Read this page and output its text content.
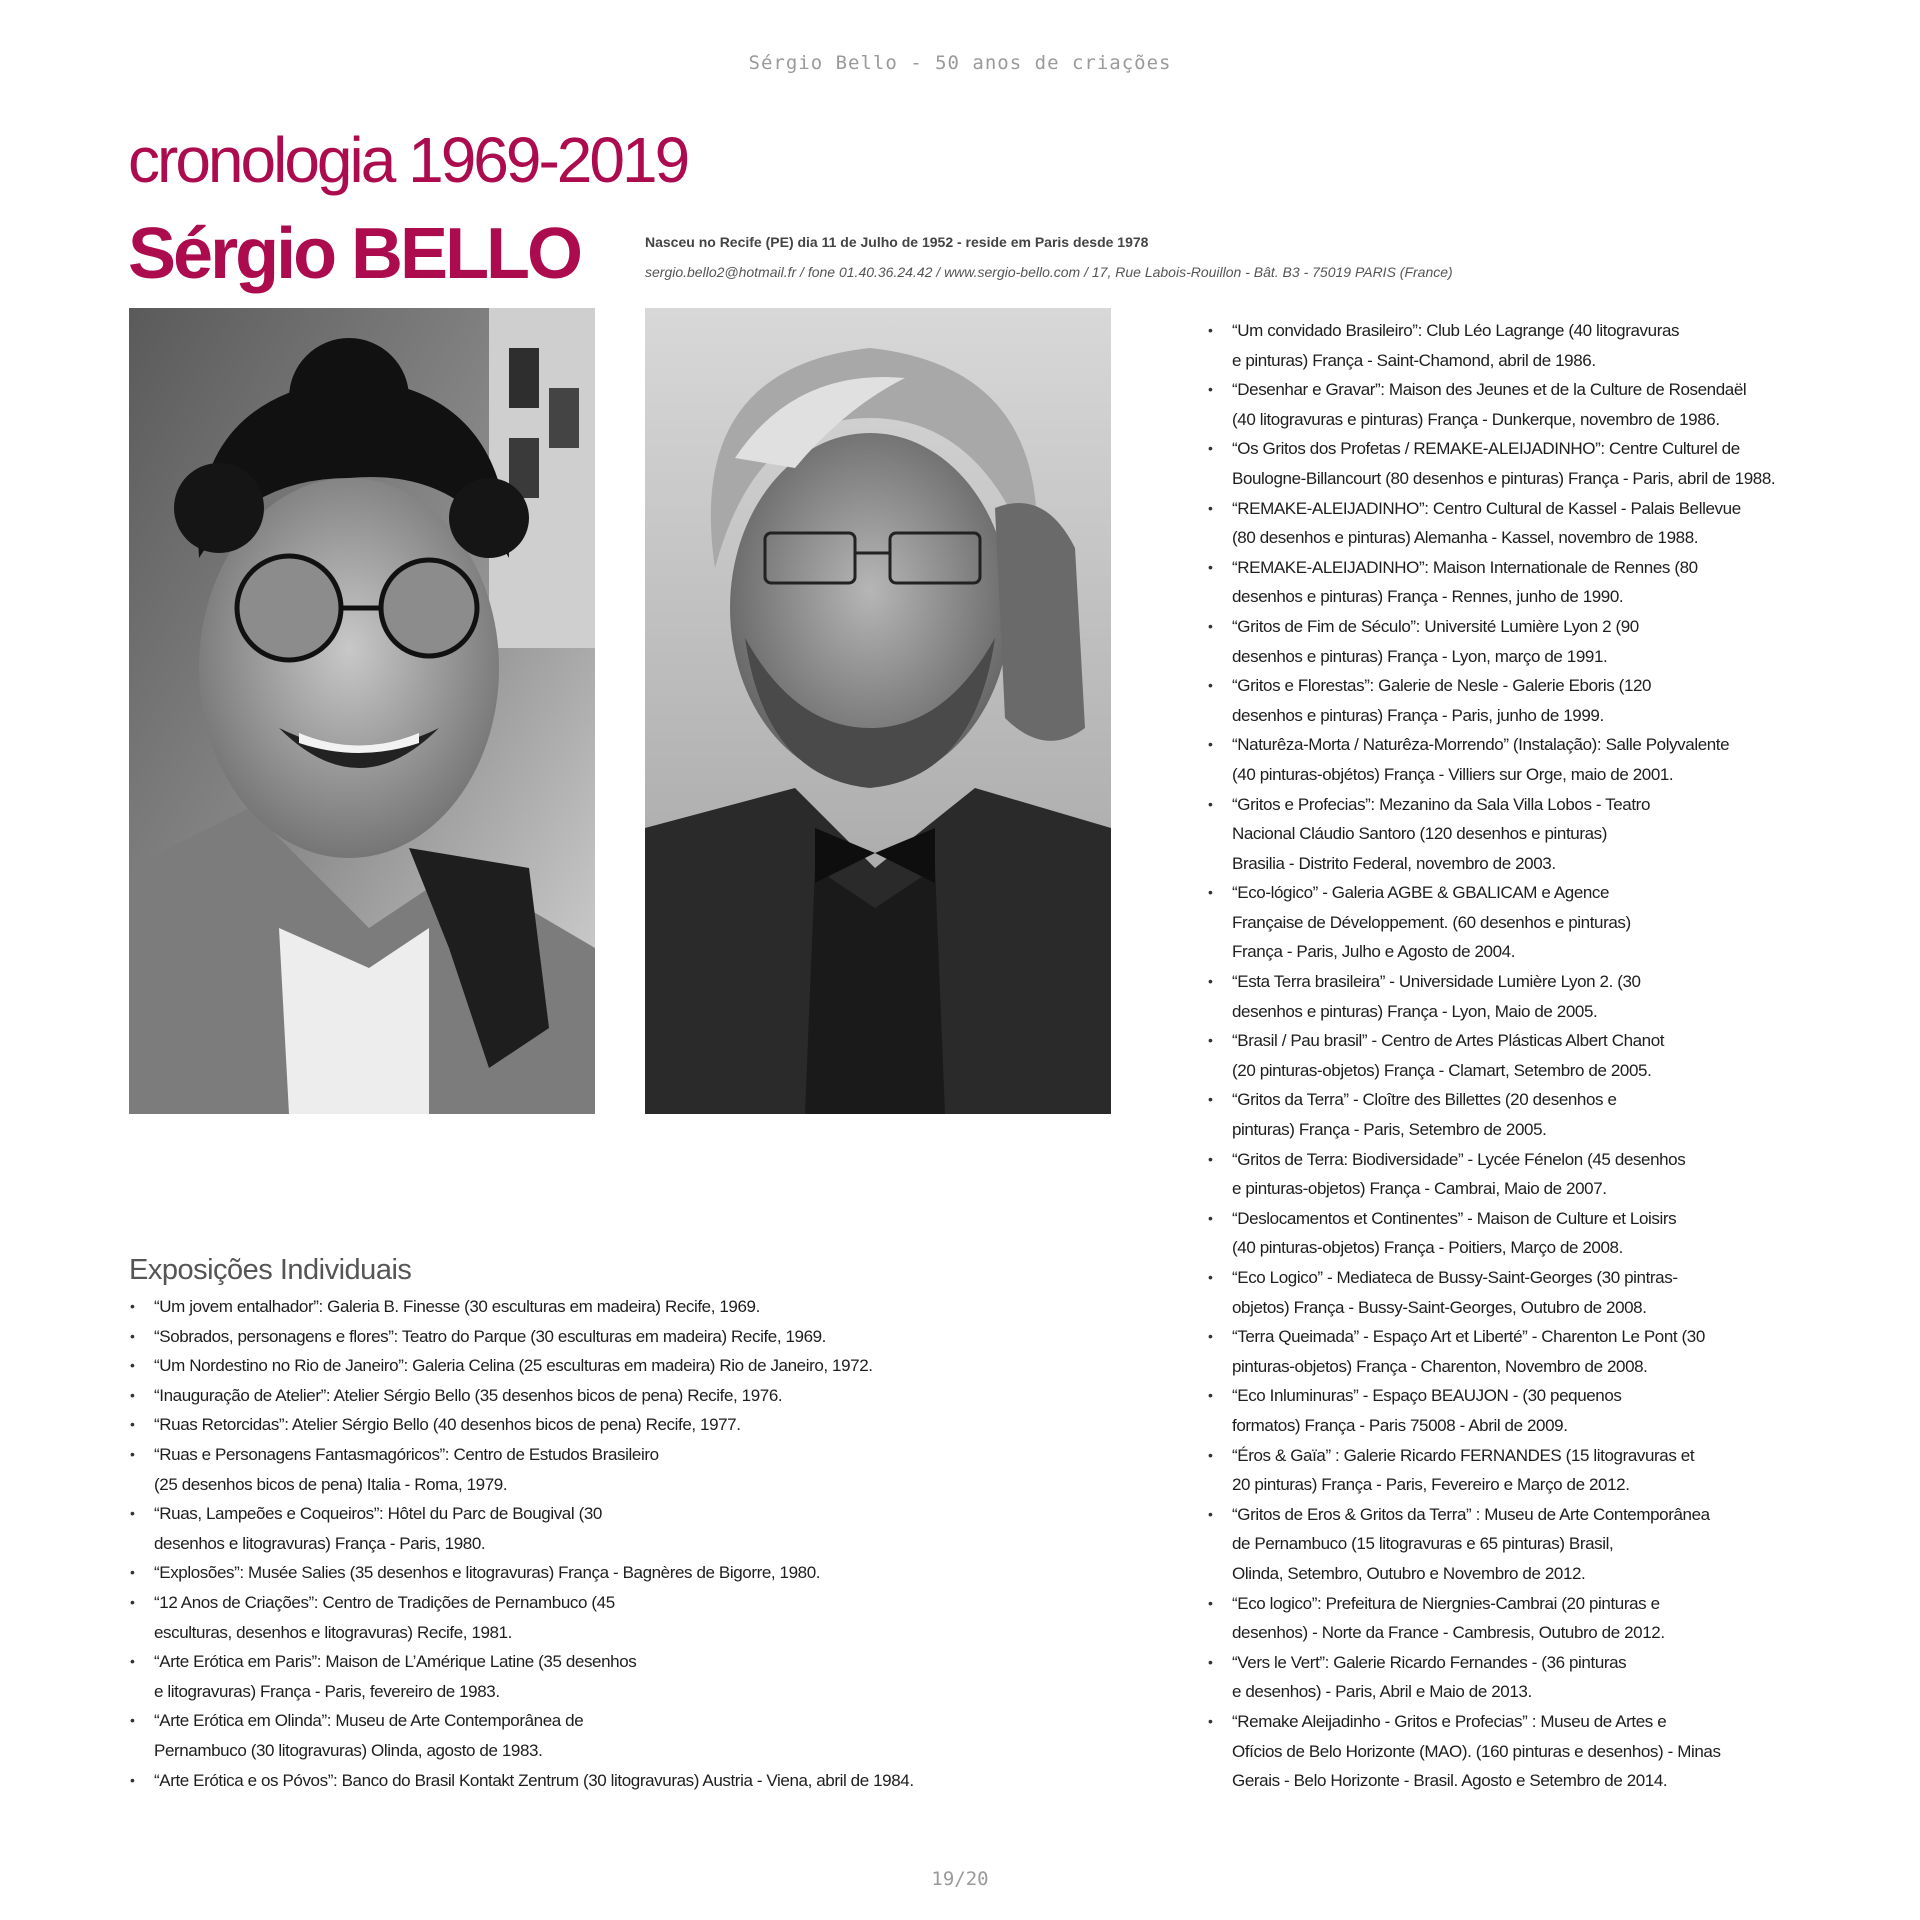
Sérgio Bello - 50 anos de criações
cronologia 1969-2019
Sérgio BELLO	Nasceu no Recife (PE) dia 11 de Julho de 1952 - reside em Paris desde 1978
sergio.bello2@hotmail.fr / fone 01.40.36.24.42 / www.sergio-bello.com / 17, Rue Labois-Rouillon - Bât. B3 - 75019 PARIS (France)
• “Um convidado Brasileiro”: Club Léo Lagrange (40 litogravuras
e pinturas) França - Saint-Chamond, abril de 1986.
• “Desenhar e Gravar”: Maison des Jeunes et de la Culture de Rosendaël
(40 litogravuras e pinturas) França - Dunkerque, novembro de 1986.
• “Os Gritos dos Profetas / REMAKE-ALEIJADINHO”: Centre Culturel de
Boulogne-Billancourt (80 desenhos e pinturas) França - Paris, abril de 1988.
• “REMAKE-ALEIJADINHO”: Centro Cultural de Kassel - Palais Bellevue
(80 desenhos e pinturas) Alemanha - Kassel, novembro de 1988.
• “REMAKE-ALEIJADINHO”: Maison Internationale de Rennes (80
desenhos e pinturas) França - Rennes, junho de 1990.
• “Gritos de Fim de Século”: Université Lumière Lyon 2 (90
desenhos e pinturas) França - Lyon, março de 1991.
• “Gritos e Florestas”: Galerie de Nesle - Galerie Eboris (120
desenhos e pinturas) França - Paris, junho de 1999.
• “Naturêza-Morta / Naturêza-Morrendo” (Instalação): Salle Polyvalente
(40 pinturas-objétos) França - Villiers sur Orge, maio de 2001.
• “Gritos e Profecias”: Mezanino da Sala Villa Lobos - Teatro
Nacional Cláudio Santoro (120 desenhos e pinturas)
Brasilia - Distrito Federal, novembro de 2003.
• “Eco-lógico” - Galeria AGBE & GBALICAM e Agence
Française de Développement. (60 desenhos e pinturas)
França - Paris, Julho e Agosto de 2004.
• “Esta Terra brasileira” - Universidade Lumière Lyon 2. (30
desenhos e pinturas) França - Lyon, Maio de 2005.
• “Brasil / Pau brasil” - Centro de Artes Plásticas Albert Chanot
(20 pinturas-objetos) França - Clamart, Setembro de 2005.
• “Gritos da Terra” - Cloître des Billettes (20 desenhos e
pinturas) França - Paris, Setembro de 2005.
• “Gritos de Terra: Biodiversidade” - Lycée Fénelon (45 desenhos
e pinturas-objetos) França - Cambrai, Maio de 2007.
• “Deslocamentos et Continentes” - Maison de Culture et Loisirs
(40 pinturas-objetos) França - Poitiers, Março de 2008.
• “Eco Logico” - Mediateca de Bussy-Saint-Georges (30 pintras-
objetos) França - Bussy-Saint-Georges, Outubro de 2008.
• “Terra Queimada” - Espaço Art et Liberté” - Charenton Le Pont (30
pinturas-objetos) França - Charenton, Novembro de 2008.
• “Eco Inluminuras” - Espaço BEAUJON - (30 pequenos
formatos) França - Paris 75008 - Abril de 2009.
• “Éros & Gaïa” : Galerie Ricardo FERNANDES (15 litogravuras et
20 pinturas) França - Paris, Fevereiro e Março de 2012.
• “Gritos de Eros & Gritos da Terra” : Museu de Arte Contemporânea
de Pernambuco (15 litogravuras e 65 pinturas) Brasil,
Olinda, Setembro, Outubro e Novembro de 2012.
• “Eco logico”: Prefeitura de Niergnies-Cambrai (20 pinturas e
desenhos) - Norte da France - Cambresis, Outubro de 2012.
• “Vers le Vert”: Galerie Ricardo Fernandes - (36 pinturas
e desenhos) - Paris, Abril e Maio de 2013.
• “Remake Aleijadinho - Gritos e Profecias” : Museu de Artes e
Ofícios de Belo Horizonte (MAO). (160 pinturas e desenhos) - Minas
Gerais - Belo Horizonte - Brasil. Agosto e Setembro de 2014.
Exposições Individuais
• “Um jovem entalhador”: Galeria B. Finesse (30 esculturas em madeira) Recife, 1969.
• “Sobrados, personagens e flores”: Teatro do Parque (30 esculturas em madeira) Recife, 1969.
• “Um Nordestino no Rio de Janeiro”: Galeria Celina (25 esculturas em madeira) Rio de Janeiro, 1972.
• “Inauguração de Atelier”: Atelier Sérgio Bello (35 desenhos bicos de pena) Recife, 1976.
• “Ruas Retorcidas”: Atelier Sérgio Bello (40 desenhos bicos de pena) Recife, 1977.
• “Ruas e Personagens Fantasmagóricos”: Centro de Estudos Brasileiro
(25 desenhos bicos de pena) Italia - Roma, 1979.
• “Ruas, Lampeões e Coqueiros”: Hôtel du Parc de Bougival (30
desenhos e litogravuras) França - Paris, 1980.
• “Explosões”: Musée Salies (35 desenhos e litogravuras) França - Bagnères de Bigorre, 1980.
• “12 Anos de Criações”: Centro de Tradições de Pernambuco (45
esculturas, desenhos e litogravuras) Recife, 1981.
• “Arte Erótica em Paris”: Maison de L’Amérique Latine (35 desenhos
e litogravuras) França - Paris, fevereiro de 1983.
• “Arte Erótica em Olinda”: Museu de Arte Contemporânea de
Pernambuco (30 litogravuras) Olinda, agosto de 1983.
• “Arte Erótica e os Póvos”: Banco do Brasil Kontakt Zentrum (30 litogravuras) Austria - Viena, abril de 1984.
19/20
